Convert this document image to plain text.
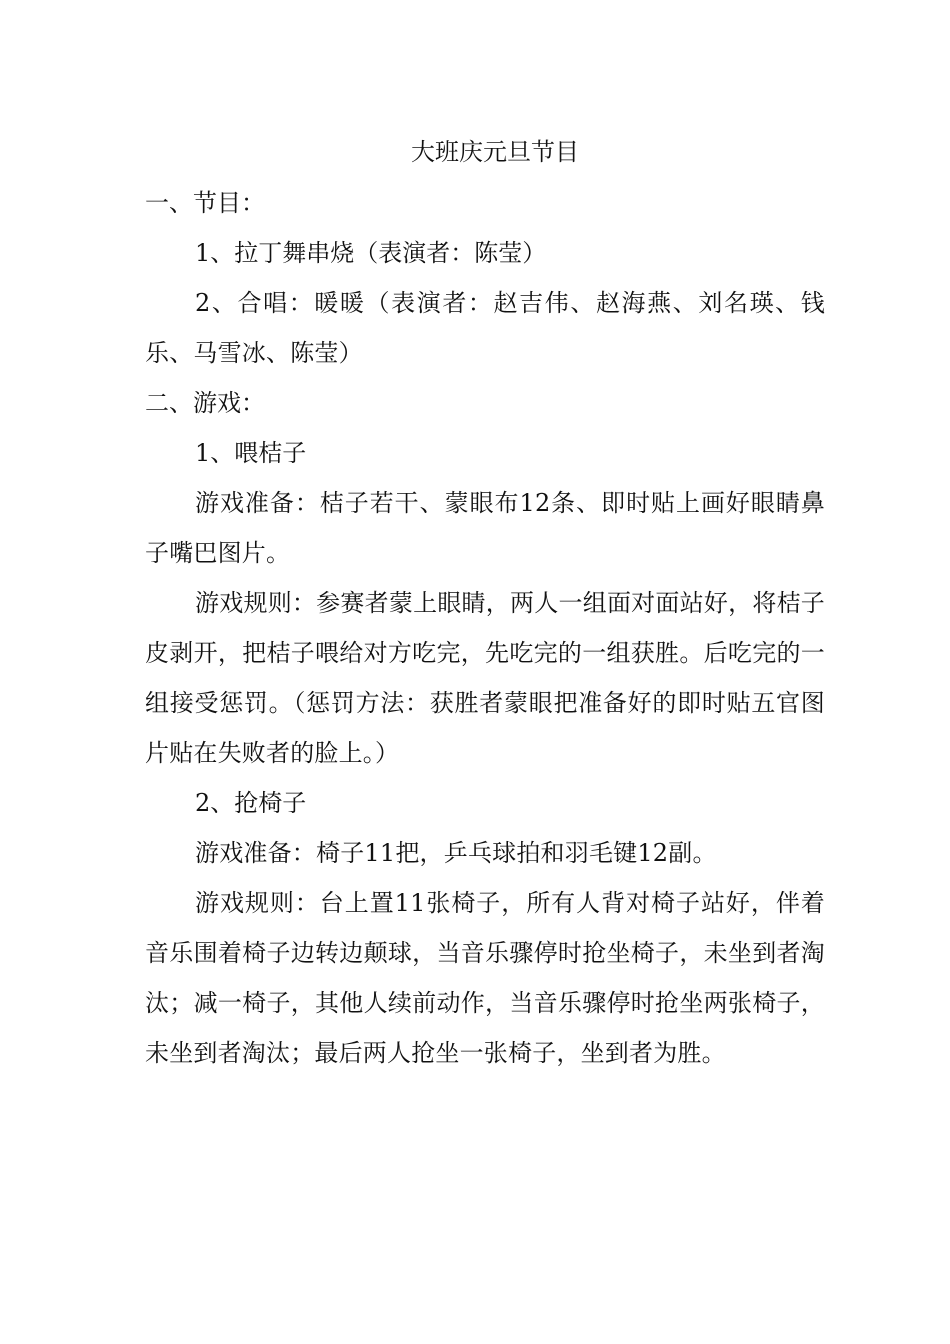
大班庆元旦节目

一、节目：

1、拉丁舞串烧（表演者：陈莹）

2、合唱：暖暖（表演者：赵吉伟、赵海燕、刘名瑛、钱乐、马雪冰、陈莹）

二、游戏：

1、喂桔子

游戏准备：桔子若干、蒙眼布12条、即时贴上画好眼睛鼻子嘴巴图片。

游戏规则：参赛者蒙上眼睛，两人一组面对面站好，将桔子皮剥开，把桔子喂给对方吃完，先吃完的一组获胜。后吃完的一组接受惩罚。（惩罚方法：获胜者蒙眼把准备好的即时贴五官图片贴在失败者的脸上。）

2、抢椅子

游戏准备：椅子11把，乒乓球拍和羽毛键12副。

游戏规则：台上置11张椅子，所有人背对椅子站好，伴着音乐围着椅子边转边颠球，当音乐骤停时抢坐椅子，未坐到者淘汰；减一椅子，其他人续前动作，当音乐骤停时抢坐两张椅子，未坐到者淘汰；最后两人抢坐一张椅子，坐到者为胜。
